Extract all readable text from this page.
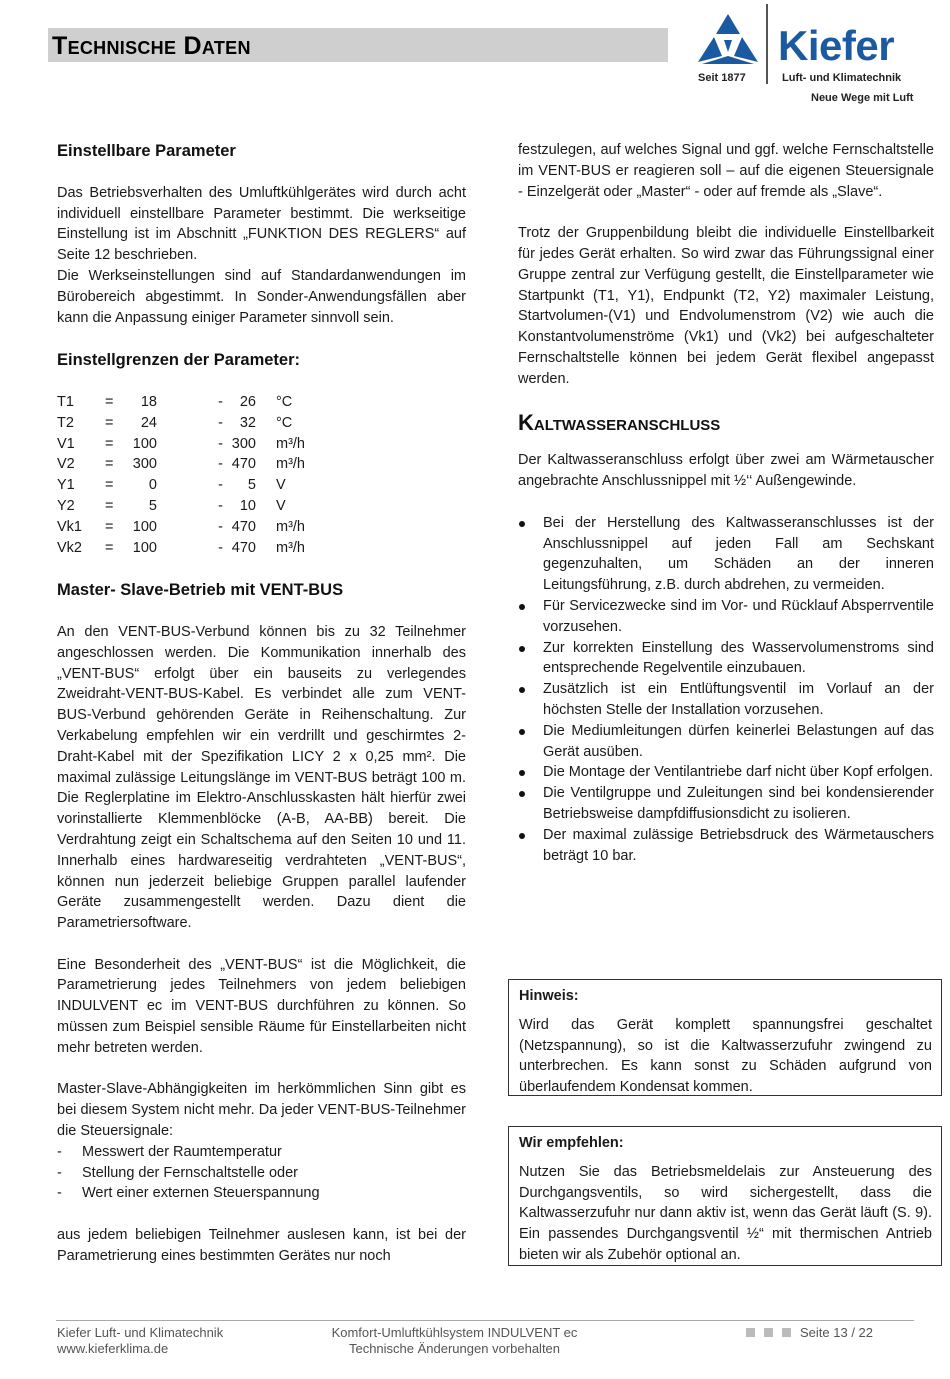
Technische Daten	Kiefer
Seit 1877	Luft- und Klimatechnik
Neue Wege mit Luft
Einstellbare Parameter

Das Betriebsverhalten des Umluftkühlgerätes wird durch acht individuell einstellbare Parameter bestimmt. Die werkseitige Einstellung ist im Abschnitt „FUNKTION DES REGLERS“ auf Seite 12 beschrieben.

Die Werkseinstellungen sind auf Standardanwendungen im Bürobereich abgestimmt. In Sonder-Anwendungsfällen aber kann die Anpassung einiger Parameter sinnvoll sein.

Einstellgrenzen der Parameter:
T1	=	18	-	26	°C
T2	=	24	-	32	°C
V1	=	100	-	300	m³/h
V2	=	300	-	470	m³/h
Y1	=	0	-	5	V
Y2	=	5	-	10	V
Vk1	=	100	-	470	m³/h
Vk2	=	100	-	470	m³/h
Master- Slave-Betrieb mit VENT-BUS

An den VENT-BUS-Verbund können bis zu 32 Teilnehmer angeschlossen werden. Die Kommunikation innerhalb des „VENT-BUS“ erfolgt über ein bauseits zu verlegendes Zweidraht-VENT-BUS-Kabel. Es verbindet alle zum VENT-BUS-Verbund gehörenden Geräte in Reihenschaltung. Zur Verkabelung empfehlen wir ein verdrillt und geschirmtes 2-Draht-Kabel mit der Spezifikation LICY 2 x 0,25 mm². Die maximal zulässige Leitungslänge im VENT-BUS beträgt 100 m. Die Reglerplatine im Elektro-Anschlusskasten hält hierfür zwei vorinstallierte Klemmenblöcke (A-B, AA-BB) bereit. Die Verdrahtung zeigt ein Schaltschema auf den Seiten 10 und 11. Innerhalb eines hardwareseitig verdrahteten „VENT-BUS“, können nun jederzeit beliebige Gruppen parallel laufender Geräte zusammengestellt werden. Dazu dient die Parametriersoftware.

Eine Besonderheit des „VENT-BUS“ ist die Möglichkeit, die Parametrierung jedes Teilnehmers von jedem beliebigen INDULVENT ec im VENT-BUS durchführen zu können. So müssen zum Beispiel sensible Räume für Einstellarbeiten nicht mehr betreten werden.

Master-Slave-Abhängigkeiten im herkömmlichen Sinn gibt es bei diesem System nicht mehr. Da jeder VENT-BUS-Teilnehmer die Steuersignale:

- Messwert der Raumtemperatur
- Stellung der Fernschaltstelle oder
- Wert einer externen Steuerspannung

aus jedem beliebigen Teilnehmer auslesen kann, ist bei der Parametrierung eines bestimmten Gerätes nur noch

festzulegen, auf welches Signal und ggf. welche Fernschaltstelle im VENT-BUS er reagieren soll – auf die eigenen Steuersignale - Einzelgerät oder „Master“ - oder auf fremde als „Slave“.

Trotz der Gruppenbildung bleibt die individuelle Einstellbarkeit für jedes Gerät erhalten. So wird zwar das Führungssignal einer Gruppe zentral zur Verfügung gestellt, die Einstellparameter wie Startpunkt (T1, Y1), Endpunkt (T2, Y2) maximaler Leistung, Startvolumen-(V1) und Endvolumenstrom (V2) wie auch die Konstantvolumenströme (Vk1) und (Vk2) bei aufgeschalteter Fernschaltstelle können bei jedem Gerät flexibel angepasst werden.

Kaltwasseranschluss

Der Kaltwasseranschluss erfolgt über zwei am Wärmetauscher angebrachte Anschlussnippel mit ½‘‘ Außengewinde.

Bei der Herstellung des Kaltwasseranschlusses ist der Anschlussnippel auf jeden Fall am Sechskant gegenzuhalten, um Schäden an der inneren Leitungsführung, z.B. durch abdrehen, zu vermeiden.
Für Servicezwecke sind im Vor- und Rücklauf Absperrventile vorzusehen.
Zur korrekten Einstellung des Wasservolumenstroms sind entsprechende Regelventile einzubauen.
Zusätzlich ist ein Entlüftungsventil im Vorlauf an der höchsten Stelle der Installation vorzusehen.
Die Mediumleitungen dürfen keinerlei Belastungen auf das Gerät ausüben.
Die Montage der Ventilantriebe darf nicht über Kopf erfolgen.
Die Ventilgruppe und Zuleitungen sind bei kondensierender Betriebsweise dampfdiffusionsdicht zu isolieren.
Der maximal zulässige Betriebsdruck des Wärmetauschers beträgt 10 bar.
Hinweis:

Wird das Gerät komplett spannungsfrei geschaltet (Netzspannung), so ist die Kaltwasserzufuhr zwingend zu unterbrechen. Es kann sonst zu Schäden aufgrund von überlaufendem Kondensat kommen.

Wir empfehlen:

Nutzen Sie das Betriebsmeldelais zur Ansteuerung des Durchgangsventils, so wird sichergestellt, dass die Kaltwasserzufuhr nur dann aktiv ist, wenn das Gerät läuft (S. 9). Ein passendes Durchgangsventil ½“ mit thermischen Antrieb bieten wir als Zubehör optional an.

Kiefer Luft- und Klimatechnik
www.kieferklima.de
Komfort-Umluftkühlsystem INDULVENT ec
Technische Änderungen vorbehalten
Seite 13 / 22
